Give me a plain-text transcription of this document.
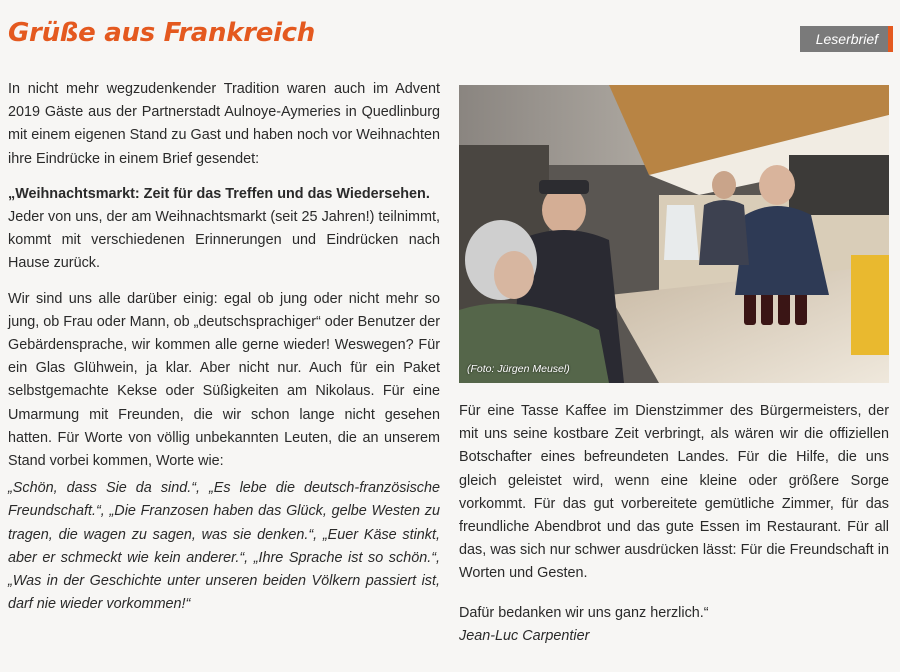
Grüße aus Frankreich	Leserbrief

In nicht mehr wegzudenkender Tradition waren auch im Advent 2019 Gäste aus der Partnerstadt Aulnoye-Aymeries in Quedlinburg mit einem eigenen Stand zu Gast und haben noch vor Weihnachten ihre Eindrücke in einem Brief gesendet:

„Weihnachtsmarkt: Zeit für das Treffen und das Wiedersehen.
Jeder von uns, der am Weihnachtsmarkt (seit 25 Jahren!) teilnimmt, kommt mit verschiedenen Erinnerungen und Eindrücken nach Hause zurück.

Wir sind uns alle darüber einig: egal ob jung oder nicht mehr so jung, ob Frau oder Mann, ob „deutschsprachiger“ oder Benutzer der Gebärdensprache, wir kommen alle gerne wieder! Weswegen? Für ein Glas Glühwein, ja klar. Aber nicht nur. Auch für ein Paket selbstgemachte Kekse oder Süßigkeiten am Nikolaus. Für eine Umarmung mit Freunden, die wir schon lange nicht gesehen hatten. Für Worte von völlig unbekannten Leuten, die an unserem Stand vorbei kommen, Worte wie:

„Schön, dass Sie da sind.“, „Es lebe die deutsch-französische Freundschaft.“, „Die Franzosen haben das Glück, gelbe Westen zu tragen, die wagen zu sagen, was sie denken.“, „Euer Käse stinkt, aber er schmeckt wie kein anderer.“, „Ihre Sprache ist so schön.“, „Was in der Geschichte unter unseren beiden Völkern passiert ist, darf nie wieder vorkommen!“

(Foto: Jürgen Meusel)

Für eine Tasse Kaffee im Dienstzimmer des Bürgermeisters, der mit uns seine kostbare Zeit verbringt, als wären wir die offiziellen Botschafter eines befreundeten Landes. Für die Hilfe, die uns gleich geleistet wird, wenn eine kleine oder größere Sorge vorkommt. Für das gut vorbereitete gemütliche Zimmer, für das freundliche Abendbrot und das gute Essen im Restaurant. Für all das, was sich nur schwer ausdrücken lässt: Für die Freundschaft in Worten und Gesten.

Dafür bedanken wir uns ganz herzlich.“
Jean-Luc Carpentier
